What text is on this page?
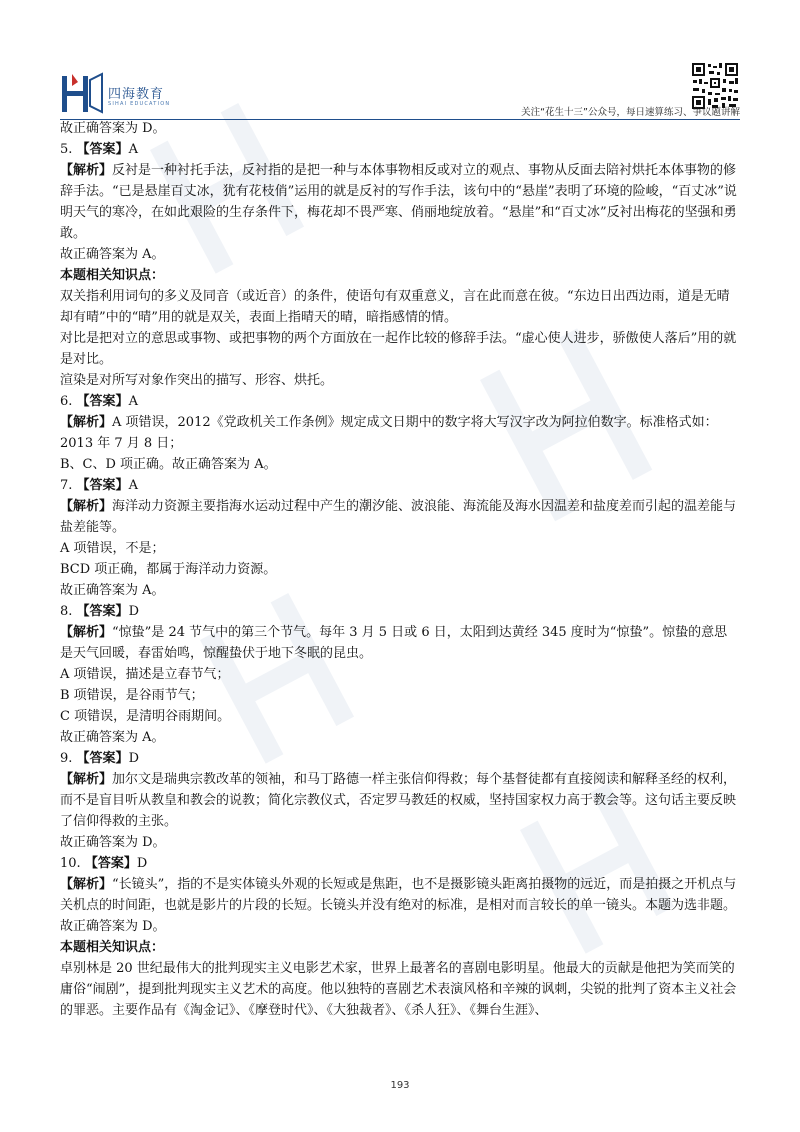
四海教育
SIHAI EDUCATION
关注“花生十三”公众号，每日速算练习、争议题讲解

故正确答案为 D。

5. 【答案】A

【解析】反衬是一种衬托手法，反衬指的是把一种与本体事物相反或对立的观点、事物从反面去陪衬烘托本体事物的修辞手法。“已是悬崖百丈冰，犹有花枝俏”运用的就是反衬的写作手法，该句中的“悬崖”表明了环境的险峻，“百丈冰”说明天气的寒冷，在如此艰险的生存条件下，梅花却不畏严寒、俏丽地绽放着。“悬崖”和“百丈冰”反衬出梅花的坚强和勇敢。

故正确答案为 A。

本题相关知识点：

双关指利用词句的多义及同音（或近音）的条件，使语句有双重意义，言在此而意在彼。“东边日出西边雨，道是无晴却有晴”中的“晴”用的就是双关，表面上指晴天的晴，暗指感情的情。

对比是把对立的意思或事物、或把事物的两个方面放在一起作比较的修辞手法。“虚心使人进步，骄傲使人落后”用的就是对比。

渲染是对所写对象作突出的描写、形容、烘托。

6. 【答案】A

【解析】A 项错误，2012《党政机关工作条例》规定成文日期中的数字将大写汉字改为阿拉伯数字。标准格式如：2013 年 7 月 8 日；

B、C、D 项正确。故正确答案为 A。

7. 【答案】A

【解析】海洋动力资源主要指海水运动过程中产生的潮汐能、波浪能、海流能及海水因温差和盐度差而引起的温差能与盐差能等。

A 项错误，不是；

BCD 项正确，都属于海洋动力资源。

故正确答案为 A。

8. 【答案】D

【解析】“惊蛰”是 24 节气中的第三个节气。每年 3 月 5 日或 6 日，太阳到达黄经 345 度时为“惊蛰”。惊蛰的意思是天气回暖，春雷始鸣，惊醒蛰伏于地下冬眠的昆虫。

A 项错误，描述是立春节气；

B 项错误，是谷雨节气；

C 项错误，是清明谷雨期间。

故正确答案为 A。

9. 【答案】D

【解析】加尔文是瑞典宗教改革的领袖，和马丁路德一样主张信仰得救；每个基督徒都有直接阅读和解释圣经的权利，而不是盲目听从教皇和教会的说教；简化宗教仪式，否定罗马教廷的权威，坚持国家权力高于教会等。这句话主要反映了信仰得救的主张。

故正确答案为 D。

10. 【答案】D

【解析】“长镜头”，指的不是实体镜头外观的长短或是焦距，也不是摄影镜头距离拍摄物的远近，而是拍摄之开机点与关机点的时间距，也就是影片的片段的长短。长镜头并没有绝对的标准，是相对而言较长的单一镜头。本题为选非题。

故正确答案为 D。

本题相关知识点：

卓别林是 20 世纪最伟大的批判现实主义电影艺术家，世界上最著名的喜剧电影明星。他最大的贡献是他把为笑而笑的庸俗“闹剧”，提到批判现实主义艺术的高度。他以独特的喜剧艺术表演风格和辛辣的讽刺，尖锐的批判了资本主义社会的罪恶。主要作品有《淘金记》、《摩登时代》、《大独裁者》、《杀人狂》、《舞台生涯》、

193
